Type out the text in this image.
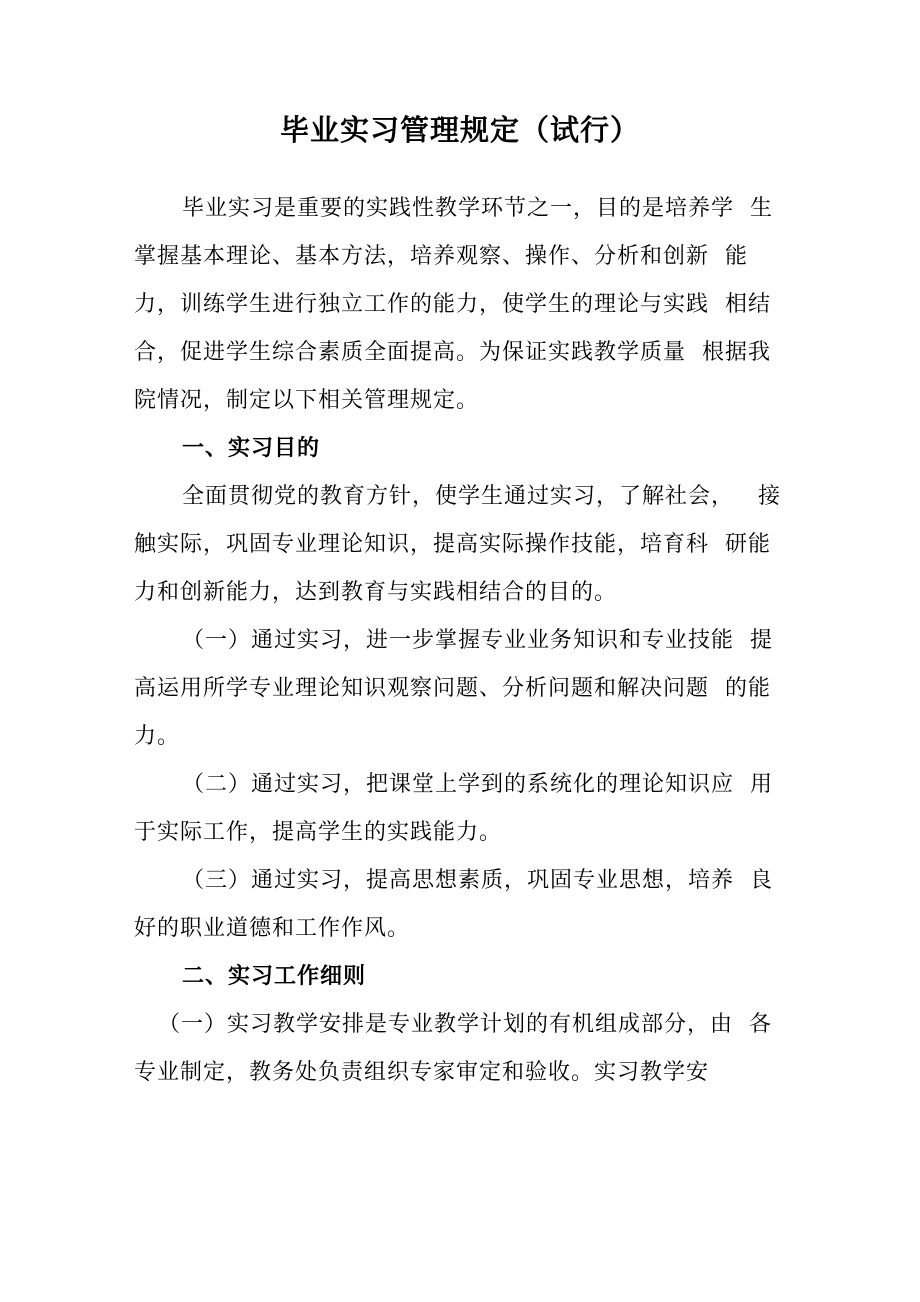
毕业实习管理规定（试行）

毕业实习是重要的实践性教学环节之一，目的是培养学  生

掌握基本理论、基本方法，培养观察、操作、分析和创新  能

力，训练学生进行独立工作的能力，使学生的理论与实践  相结

合，促进学生综合素质全面提高。为保证实践教学质量  根据我

院情况，制定以下相关管理规定。

一、实习目的

全面贯彻党的教育方针，使学生通过实习，了解社会，   接

触实际，巩固专业理论知识，提高实际操作技能，培育科  研能

力和创新能力，达到教育与实践相结合的目的。

（一）通过实习，进一步掌握专业业务知识和专业技能  提

高运用所学专业理论知识观察问题、分析问题和解决问题  的能

力。

（二）通过实习，把课堂上学到的系统化的理论知识应  用

于实际工作，提高学生的实践能力。

（三）通过实习，提高思想素质，巩固专业思想，培养  良

好的职业道德和工作作风。

二、实习工作细则

（一）实习教学安排是专业教学计划的有机组成部分，由  各

专业制定，教务处负责组织专家审定和验收。实习教学安
